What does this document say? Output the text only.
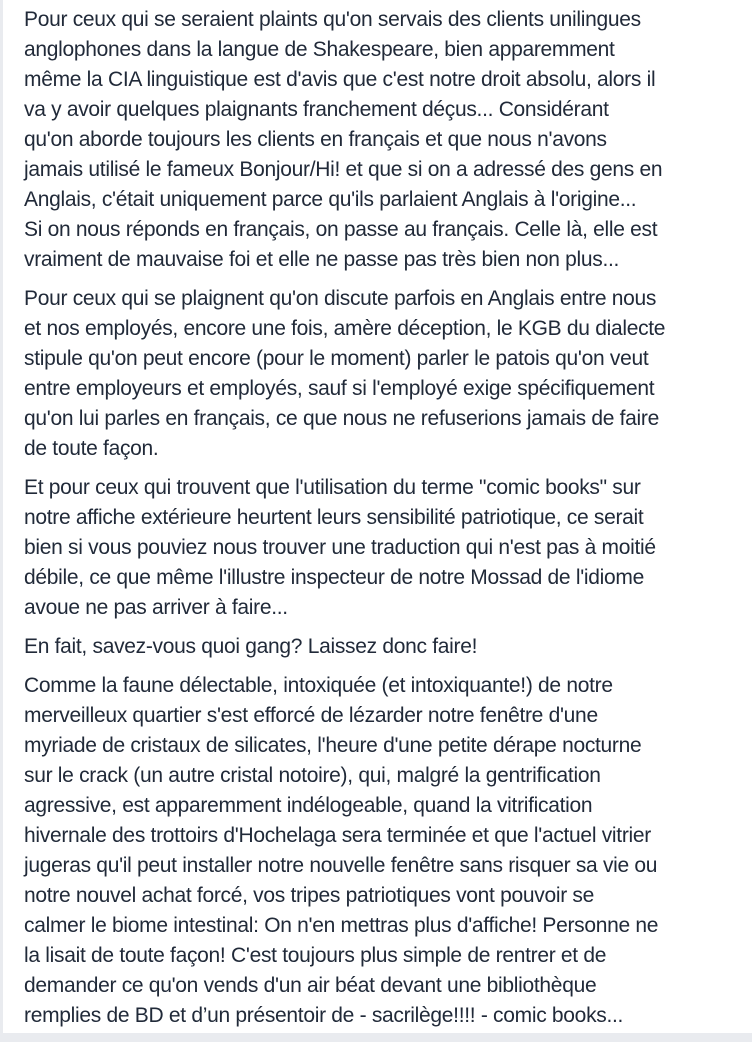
Pour ceux qui se seraient plaints qu'on servais des clients unilingues
anglophones dans la langue de Shakespeare, bien apparemment
même la CIA linguistique est d'avis que c'est notre droit absolu, alors il
va y avoir quelques plaignants franchement déçus... Considérant
qu'on aborde toujours les clients en français et que nous n'avons
jamais utilisé le fameux Bonjour/Hi! et que si on a adressé des gens en
Anglais, c'était uniquement parce qu'ils parlaient Anglais à l'origine...
Si on nous réponds en français, on passe au français. Celle là, elle est
vraiment de mauvaise foi et elle ne passe pas très bien non plus...

Pour ceux qui se plaignent qu'on discute parfois en Anglais entre nous
et nos employés, encore une fois, amère déception, le KGB du dialecte
stipule qu'on peut encore (pour le moment) parler le patois qu'on veut
entre employeurs et employés, sauf si l'employé exige spécifiquement
qu'on lui parles en français, ce que nous ne refuserions jamais de faire
de toute façon.

Et pour ceux qui trouvent que l'utilisation du terme "comic books" sur
notre affiche extérieure heurtent leurs sensibilité patriotique, ce serait
bien si vous pouviez nous trouver une traduction qui n'est pas à moitié
débile, ce que même l'illustre inspecteur de notre Mossad de l'idiome
avoue ne pas arriver à faire...

En fait, savez-vous quoi gang? Laissez donc faire!

Comme la faune délectable, intoxiquée (et intoxiquante!) de notre
merveilleux quartier s'est efforcé de lézarder notre fenêtre d'une
myriade de cristaux de silicates, l'heure d'une petite dérape nocturne
sur le crack (un autre cristal notoire), qui, malgré la gentrification
agressive, est apparemment indélogeable, quand la vitrification
hivernale des trottoirs d'Hochelaga sera terminée et que l'actuel vitrier
jugeras qu'il peut installer notre nouvelle fenêtre sans risquer sa vie ou
notre nouvel achat forcé, vos tripes patriotiques vont pouvoir se
calmer le biome intestinal: On n'en mettras plus d'affiche! Personne ne
la lisait de toute façon! C'est toujours plus simple de rentrer et de
demander ce qu'on vends d'un air béat devant une bibliothèque
remplies de BD et d’un présentoir de - sacrilège!!!! - comic books...
